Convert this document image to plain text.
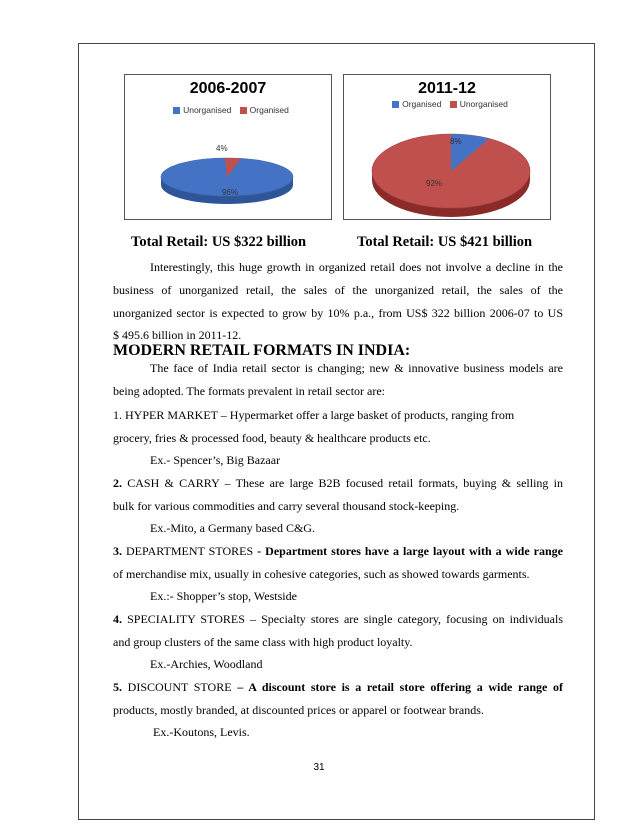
2006-2007
Unorganised Organised
4%
96%
2011-12
Organised Unorganised
8%
92%
Total Retail: US $322 billion	Total Retail: US $421 billion
Interestingly, this huge growth in organized retail does not involve a decline in the
business of unorganized retail, the sales of the unorganized retail, the sales of the
unorganized sector is expected to grow by 10% p.a., from US$ 322 billion 2006-07 to US
$ 495.6 billion in 2011-12.
MODERN RETAIL FORMATS IN INDIA:
The face of India retail sector is changing; new & innovative business models are
being adopted. The formats prevalent in retail sector are:
1. HYPER MARKET – Hypermarket offer a large basket of products, ranging from
grocery, fries & processed food, beauty & healthcare products etc.
Ex.- Spencer’s, Big Bazaar
2. CASH & CARRY – These are large B2B focused retail formats, buying & selling in
bulk for various commodities and carry several thousand stock-keeping.
Ex.-Mito, a Germany based C&G.
3. DEPARTMENT STORES - Department stores have a large layout with a wide range
of merchandise mix, usually in cohesive categories, such as showed towards garments.
Ex.:- Shopper’s stop, Westside
4. SPECIALITY STORES – Specialty stores are single category, focusing on individuals
and group clusters of the same class with high product loyalty.
Ex.-Archies, Woodland
5. DISCOUNT STORE – A discount store is a retail store offering a wide range of
products, mostly branded, at discounted prices or apparel or footwear brands.
Ex.-Koutons, Levis.
31
